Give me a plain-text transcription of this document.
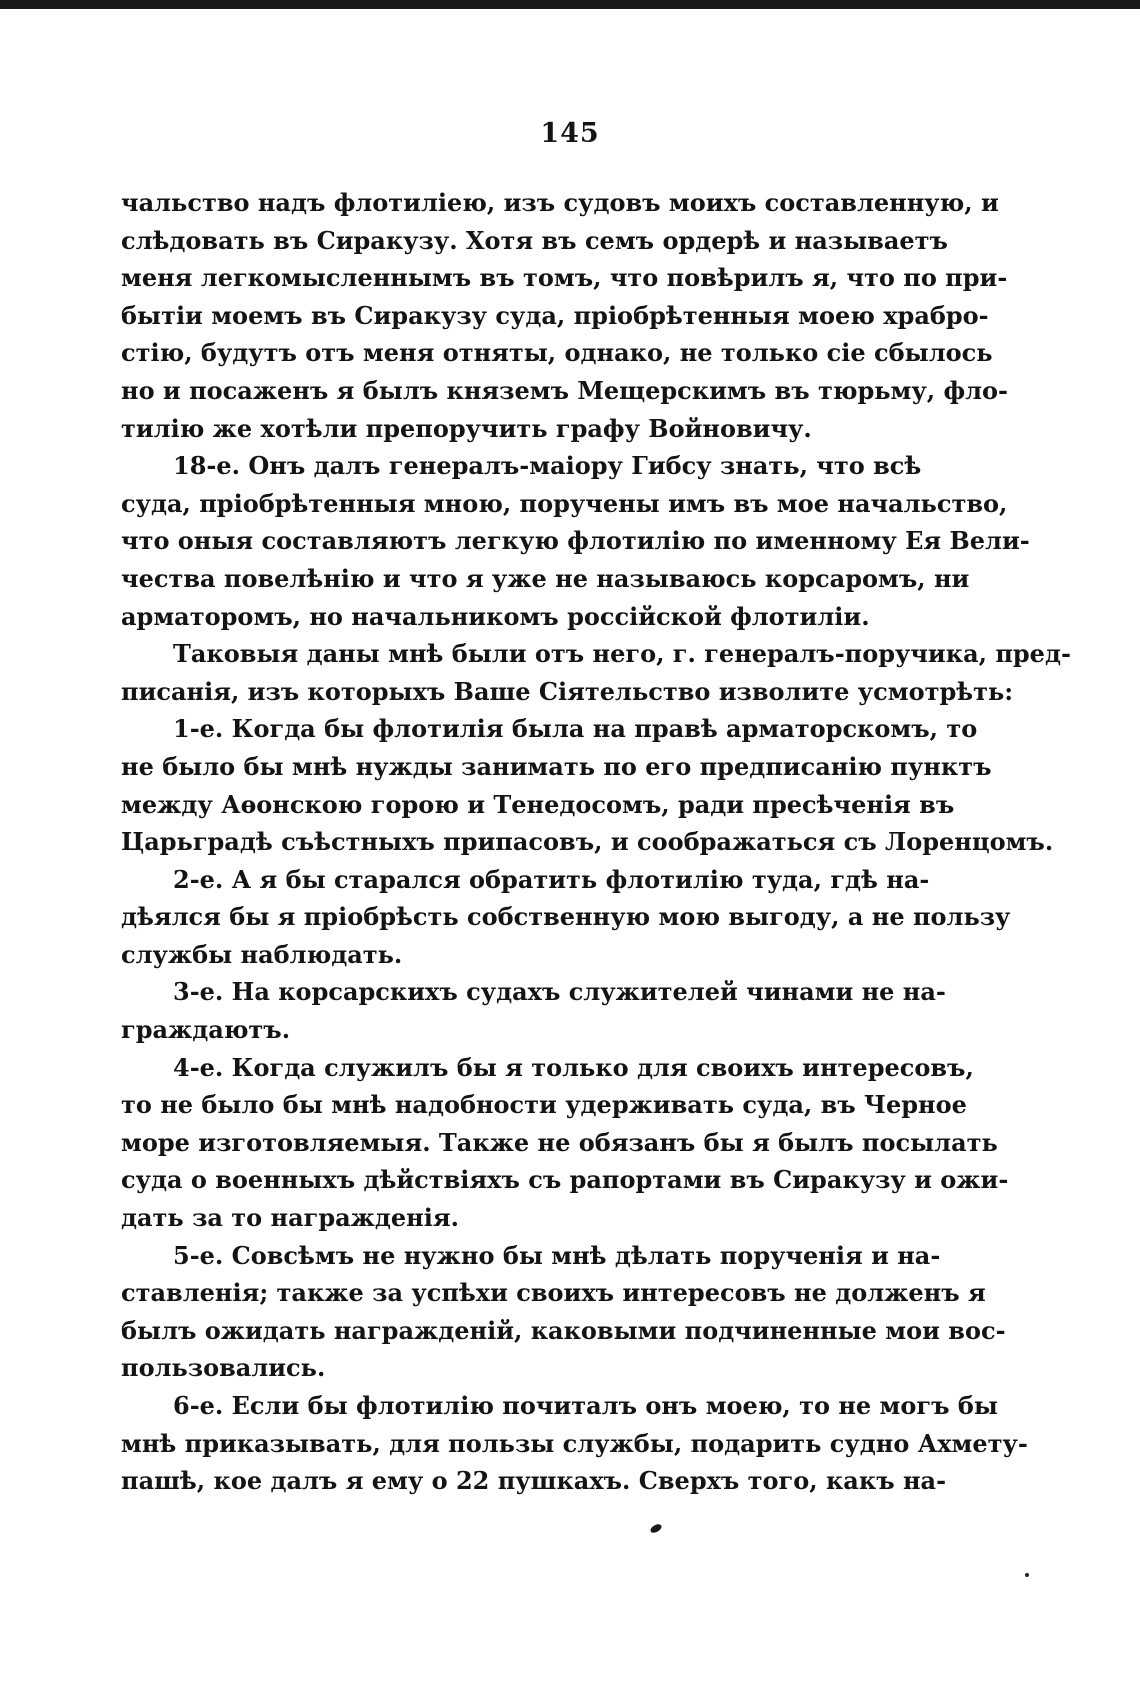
145
чальство надъ флотиліею, изъ судовъ моихъ составленную, и
слѣдовать въ Сиракузу. Хотя въ семъ ордерѣ и называетъ
меня легкомысленнымъ въ томъ, что повѣрилъ я, что по при-
бытіи моемъ въ Сиракузу суда, пріобрѣтенныя моею храбро-
стію, будутъ отъ меня отняты, однако, не только сіе сбылось
но и посаженъ я былъ княземъ Мещерскимъ въ тюрьму, фло-
тилію же хотѣли препоручить графу Войновичу.
18-е. Онъ далъ генералъ-маіору Гибсу знать, что всѣ
суда, пріобрѣтенныя мною, поручены имъ въ мое начальство,
что оныя составляютъ легкую флотилію по именному Ея Вели-
чества повелѣнію и что я уже не называюсь корсаромъ, ни
арматоромъ, но начальникомъ россійской флотиліи.
Таковыя даны мнѣ были отъ него, г. генералъ-поручика, пред-
писанія, изъ которыхъ Ваше Сіятельство изволите усмотрѣть:
1-е. Когда бы флотилія была на правѣ арматорскомъ, то
не было бы мнѣ нужды занимать по его предписанію пунктъ
между Аѳонскою горою и Тенедосомъ, ради пресѣченія въ
Царьградѣ съѣстныхъ припасовъ, и соображаться съ Лоренцомъ.
2-е. А я бы старался обратить флотилію туда, гдѣ на-
дѣялся бы я пріобрѣсть собственную мою выгоду, а не пользу
службы наблюдать.
3-е. На корсарскихъ судахъ служителей чинами не на-
граждаютъ.
4-е. Когда служилъ бы я только для своихъ интересовъ,
то не было бы мнѣ надобности удерживать суда, въ Черное
море изготовляемыя. Также не обязанъ бы я былъ посылать
суда о военныхъ дѣйствіяхъ съ рапортами въ Сиракузу и ожи-
дать за то награжденія.
5-е. Совсѣмъ не нужно бы мнѣ дѣлать порученія и на-
ставленія; также за успѣхи своихъ интересовъ не долженъ я
былъ ожидать награжденій, каковыми подчиненные мои вос-
пользовались.
6-е. Если бы флотилію почиталъ онъ моею, то не могъ бы
мнѣ приказывать, для пользы службы, подарить судно Ахмету-
пашѣ, кое далъ я ему о 22 пушкахъ. Сверхъ того, какъ на-
